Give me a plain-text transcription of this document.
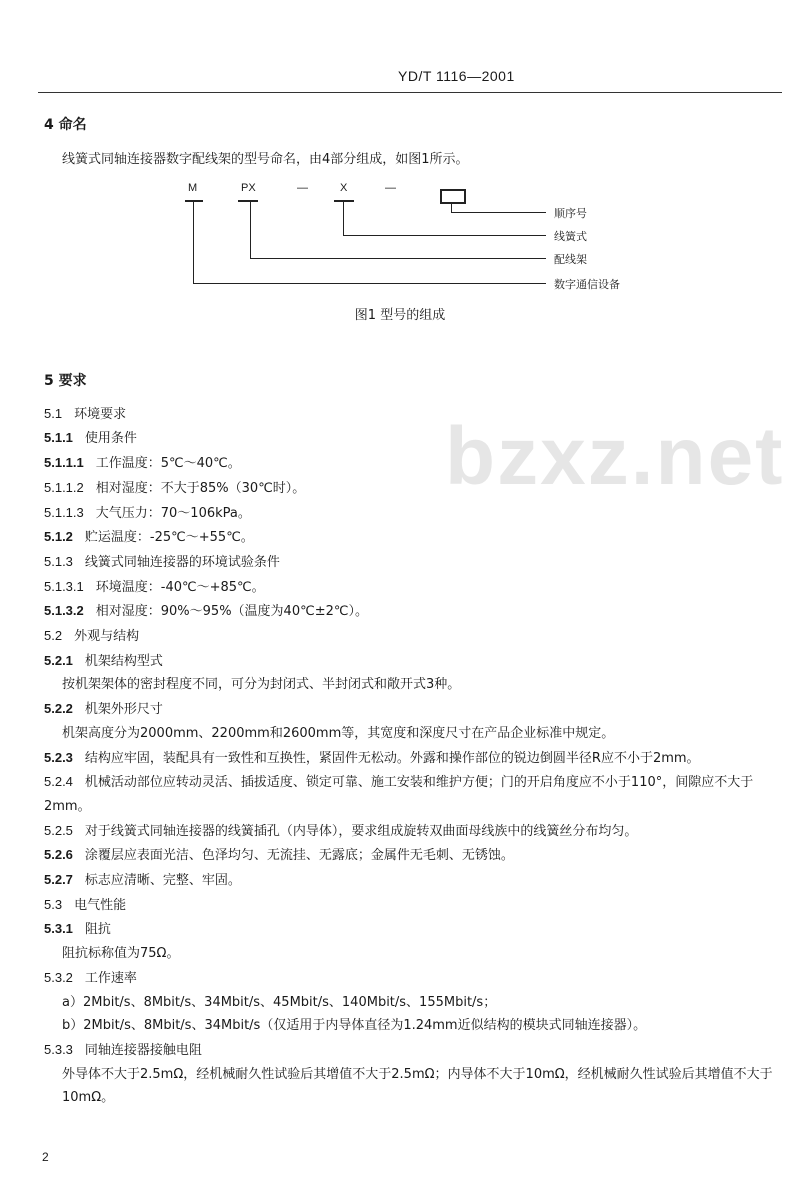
YD/T 1116—2001
bzxz.net
4 命名
线簧式同轴连接器数字配线架的型号命名，由4部分组成，如图1所示。
M	PX	—	X	—
顺序号
线簧式
配线架
数字通信设备
图1 型号的组成
5 要求
5.1 环境要求
5.1.1 使用条件
5.1.1.1 工作温度：5℃～40℃。
5.1.1.2 相对湿度：不大于85%（30℃时）。
5.1.1.3 大气压力：70～106kPa。
5.1.2 贮运温度：-25℃～+55℃。
5.1.3 线簧式同轴连接器的环境试验条件
5.1.3.1 环境温度：-40℃～+85℃。
5.1.3.2 相对湿度：90%～95%（温度为40℃±2℃）。
5.2 外观与结构
5.2.1 机架结构型式
按机架架体的密封程度不同，可分为封闭式、半封闭式和敞开式3种。
5.2.2 机架外形尺寸
机架高度分为2000mm、2200mm和2600mm等，其宽度和深度尺寸在产品企业标准中规定。
5.2.3 结构应牢固，装配具有一致性和互换性，紧固件无松动。外露和操作部位的锐边倒圆半径R应不小于2mm。
5.2.4 机械活动部位应转动灵活、插拔适度、锁定可靠、施工安装和维护方便；门的开启角度应不小于110°，间隙应不大于2mm。
5.2.5 对于线簧式同轴连接器的线簧插孔（内导体），要求组成旋转双曲面母线族中的线簧丝分布均匀。
5.2.6 涂覆层应表面光洁、色泽均匀、无流挂、无露底；金属件无毛刺、无锈蚀。
5.2.7 标志应清晰、完整、牢固。
5.3 电气性能
5.3.1 阻抗
阻抗标称值为75Ω。
5.3.2 工作速率
a）2Mbit/s、8Mbit/s、34Mbit/s、45Mbit/s、140Mbit/s、155Mbit/s；
b）2Mbit/s、8Mbit/s、34Mbit/s（仅适用于内导体直径为1.24mm近似结构的模块式同轴连接器）。
5.3.3 同轴连接器接触电阻
外导体不大于2.5mΩ，经机械耐久性试验后其增值不大于2.5mΩ；内导体不大于10mΩ，经机械耐久性试验后其增值不大于10mΩ。
2
